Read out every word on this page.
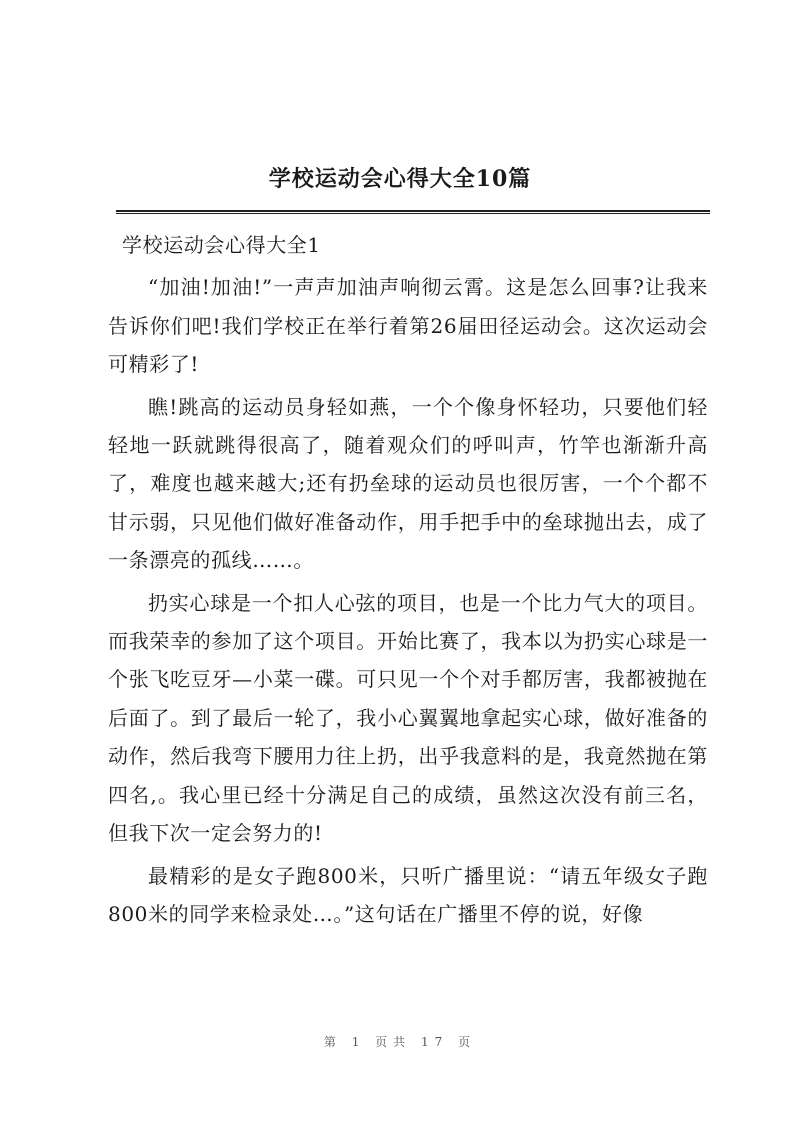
学校运动会心得大全10篇

学校运动会心得大全1

“加油!加油!”一声声加油声响彻云霄。这是怎么回事?让我来告诉你们吧!我们学校正在举行着第26届田径运动会。这次运动会可精彩了!

瞧!跳高的运动员身轻如燕，一个个像身怀轻功，只要他们轻轻地一跃就跳得很高了，随着观众们的呼叫声，竹竿也渐渐升高了，难度也越来越大;还有扔垒球的运动员也很厉害，一个个都不甘示弱，只见他们做好准备动作，用手把手中的垒球抛出去，成了一条漂亮的孤线……。

扔实心球是一个扣人心弦的项目，也是一个比力气大的项目。而我荣幸的参加了这个项目。开始比赛了，我本以为扔实心球是一个张飞吃豆牙—小菜一碟。可只见一个个对手都厉害，我都被抛在后面了。到了最后一轮了，我小心翼翼地拿起实心球，做好准备的动作，然后我弯下腰用力往上扔，出乎我意料的是，我竟然抛在第四名,。我心里已经十分满足自己的成绩，虽然这次没有前三名，但我下次一定会努力的!

最精彩的是女子跑800米，只听广播里说：“请五年级女子跑800米的同学来检录处…。”这句话在广播里不停的说，好像

第 1 页共 17 页
